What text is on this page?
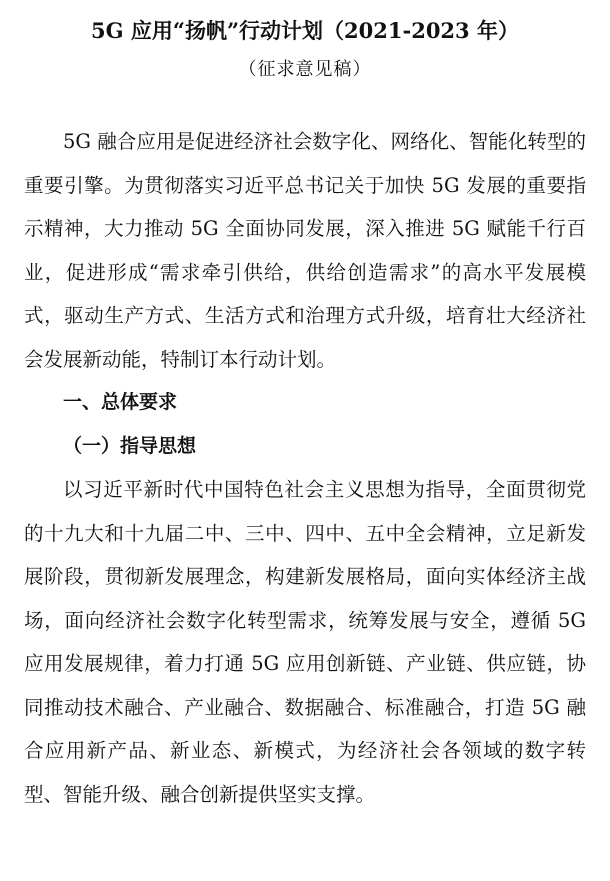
5G 应用“扬帆”行动计划（2021-2023 年）
（征求意见稿）

5G 融合应用是促进经济社会数字化、网络化、智能化转型的重要引擎。为贯彻落实习近平总书记关于加快 5G 发展的重要指示精神，大力推动 5G 全面协同发展，深入推进 5G 赋能千行百业，促进形成“需求牵引供给，供给创造需求”的高水平发展模式，驱动生产方式、生活方式和治理方式升级，培育壮大经济社会发展新动能，特制订本行动计划。

一、总体要求
（一）指导思想

以习近平新时代中国特色社会主义思想为指导，全面贯彻党的十九大和十九届二中、三中、四中、五中全会精神，立足新发展阶段，贯彻新发展理念，构建新发展格局，面向实体经济主战场，面向经济社会数字化转型需求，统筹发展与安全，遵循 5G 应用发展规律，着力打通 5G 应用创新链、产业链、供应链，协同推动技术融合、产业融合、数据融合、标准融合，打造 5G 融合应用新产品、新业态、新模式，为经济社会各领域的数字转型、智能升级、融合创新提供坚实支撑。
